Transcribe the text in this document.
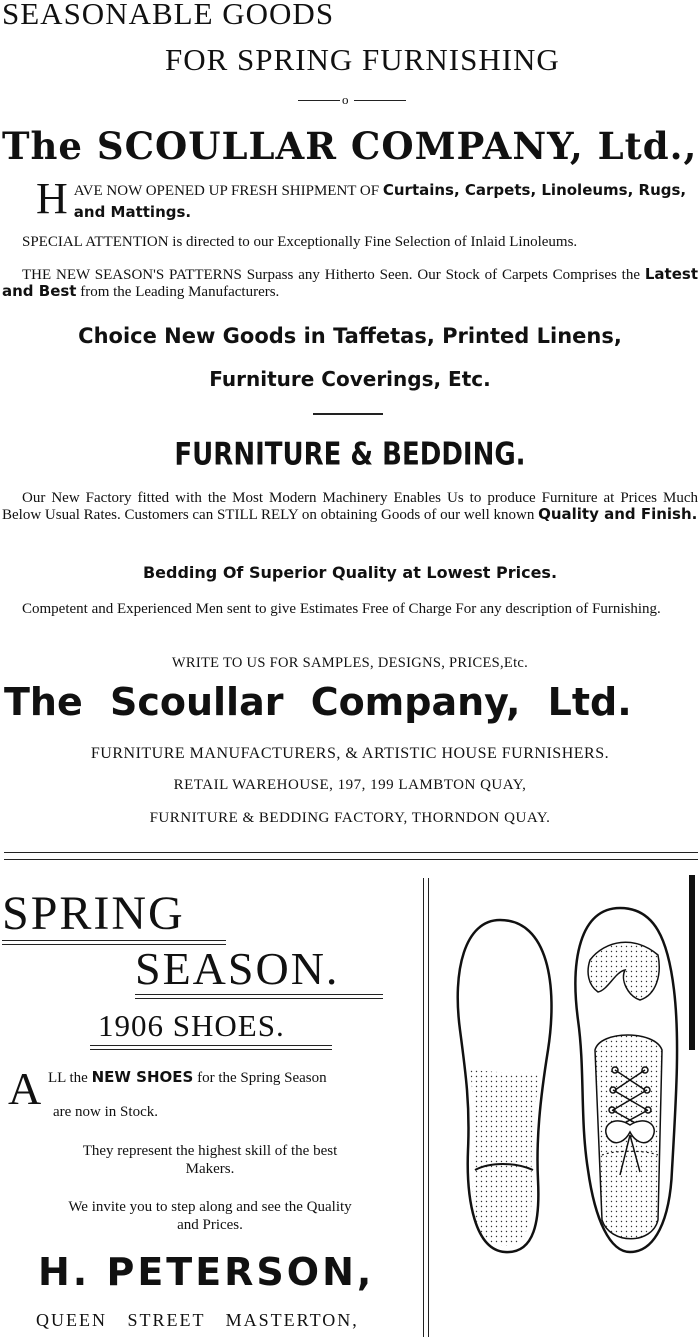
SEASONABLE GOODS
FOR SPRING FURNISHING
o
The SCOULLAR COMPANY, Ltd.,
H AVE NOW OPENED UP FRESH SHIPMENT OF Curtains, Carpets, Linoleums, Rugs, and Mattings.

SPECIAL ATTENTION is directed to our Exceptionally Fine Selection of Inlaid Linoleums.

THE NEW SEASON'S PATTERNS Surpass any Hitherto Seen. Our Stock of Carpets Comprises the Latest and Best from the Leading Manufacturers.

Choice New Goods in Taffetas, Printed Linens,
Furniture Coverings, Etc.
FURNITURE & BEDDING.

Our New Factory fitted with the Most Modern Machinery Enables Us to produce Furniture at Prices Much Below Usual Rates. Customers can STILL RELY on obtaining Goods of our well known Quality and Finish.

Bedding Of Superior Quality at Lowest Prices.

Competent and Experienced Men sent to give Estimates Free of Charge For any description of Furnishing.

WRITE TO US FOR SAMPLES, DESIGNS, PRICES,Etc.
The Scoullar Company, Ltd.
FURNITURE MANUFACTURERS, & ARTISTIC HOUSE FURNISHERS.
RETAIL WAREHOUSE, 197, 199 LAMBTON QUAY,
FURNITURE & BEDDING FACTORY, THORNDON QUAY.
SPRING
SEASON.
1906 SHOES.
A LL the NEW SHOES for the Spring Season
are now in Stock.
They represent the highest skill of the best
Makers.
We invite you to step along and see the Quality
and Prices.
H. PETERSON,
QUEEN STREET MASTERTON,
